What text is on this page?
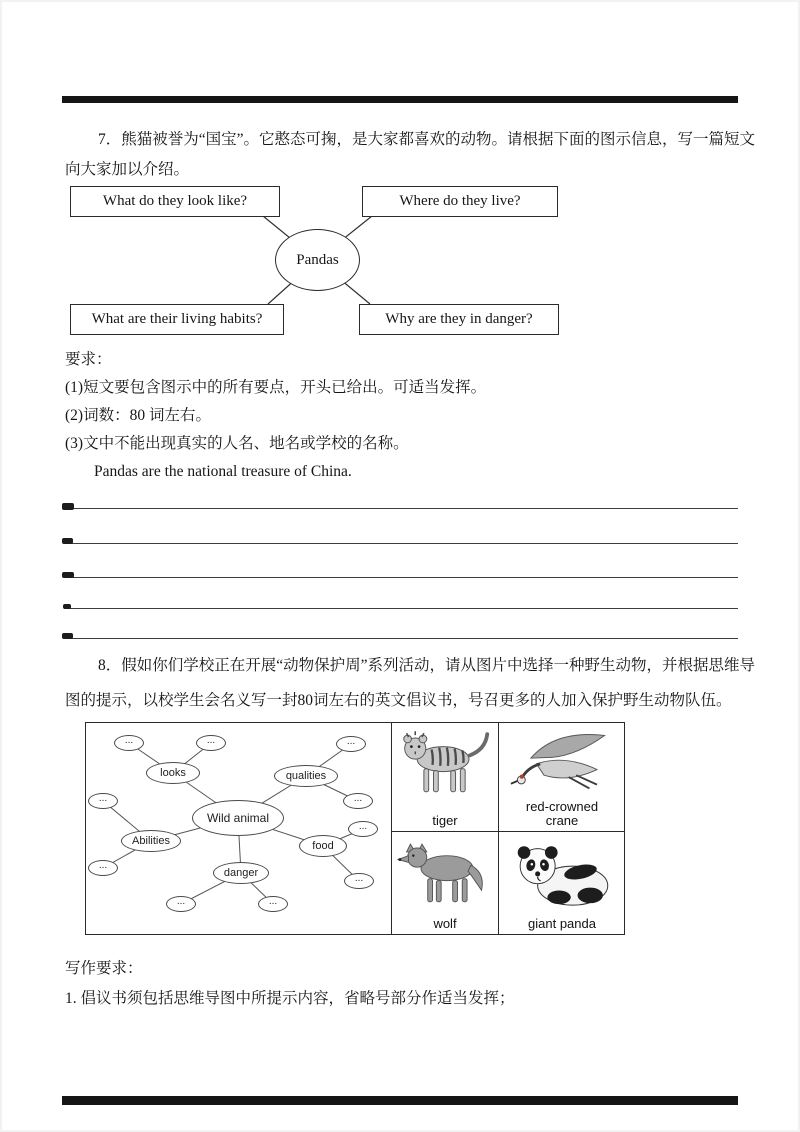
7．熊猫被誉为“国宝”。它憨态可掬，是大家都喜欢的动物。请根据下面的图示信息，写一篇短文
向大家加以介绍。
What do they look like?	Where do they live?
Pandas
What are their living habits?	Why are they in danger?
要求：
(1)短文要包含图示中的所有要点，开头已给出。可适当发挥。
(2)词数：80 词左右。
(3)文中不能出现真实的人名、地名或学校的名称。
Pandas are the national treasure of China.
8．假如你们学校正在开展“动物保护周”系列活动，请从图片中选择一种野生动物，并根据思维导
图的提示，以校学生会名义写一封80词左右的英文倡议书，号召更多的人加入保护野生动物队伍。
...	...	...
...
...
...
...
...
...	...
looks	qualities
Abilities	food
danger
Wild animal	tiger
red-crowned crane
wolf	giant panda
写作要求：
1. 倡议书须包括思维导图中所提示内容，省略号部分作适当发挥；
